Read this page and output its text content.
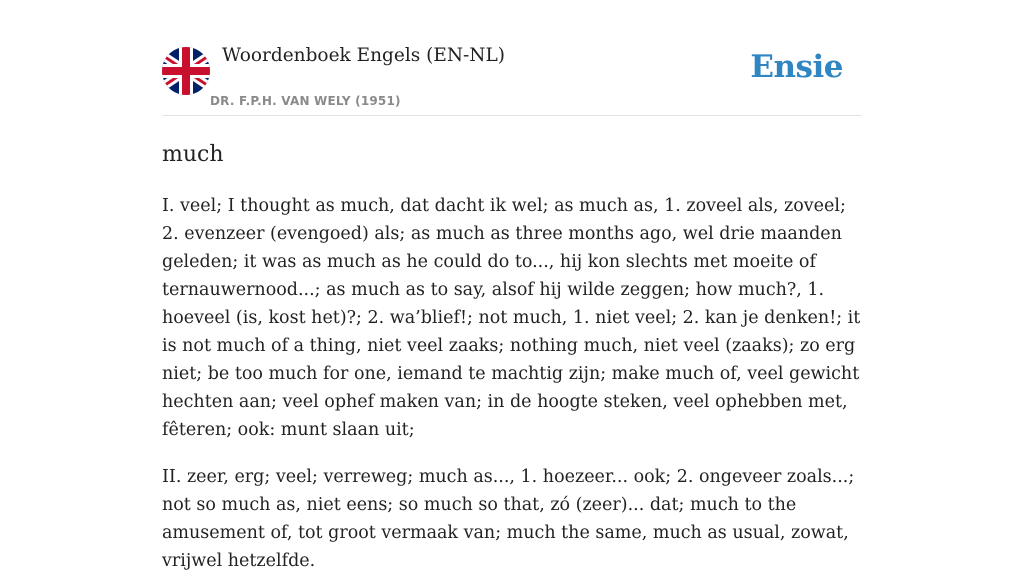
Woordenboek Engels (EN-NL)
DR. F.P.H. VAN WELY (1951)
Ensie
much

I. veel; I thought as much, dat dacht ik wel; as much as, 1. zoveel als, zoveel; 2. evenzeer (evengoed) als; as much as three months ago, wel drie maanden geleden; it was as much as he could do to..., hij kon slechts met moeite of ternauwernood...; as much as to say, alsof hij wilde zeggen; how much?, 1. hoeveel (is, kost het)?; 2. wa’blief!; not much, 1. niet veel; 2. kan je denken!; it is not much of a thing, niet veel zaaks; nothing much, niet veel (zaaks); zo erg niet; be too much for one, iemand te machtig zijn; make much of, veel gewicht hechten aan; veel ophef maken van; in de hoogte steken, veel ophebben met, fêteren; ook: munt slaan uit;

II. zeer, erg; veel; verreweg; much as..., 1. hoezeer... ook; 2. ongeveer zoals...; not so much as, niet eens; so much so that, zó (zeer)... dat; much to the amusement of, tot groot vermaak van; much the same, much as usual, zowat, vrijwel hetzelfde.
